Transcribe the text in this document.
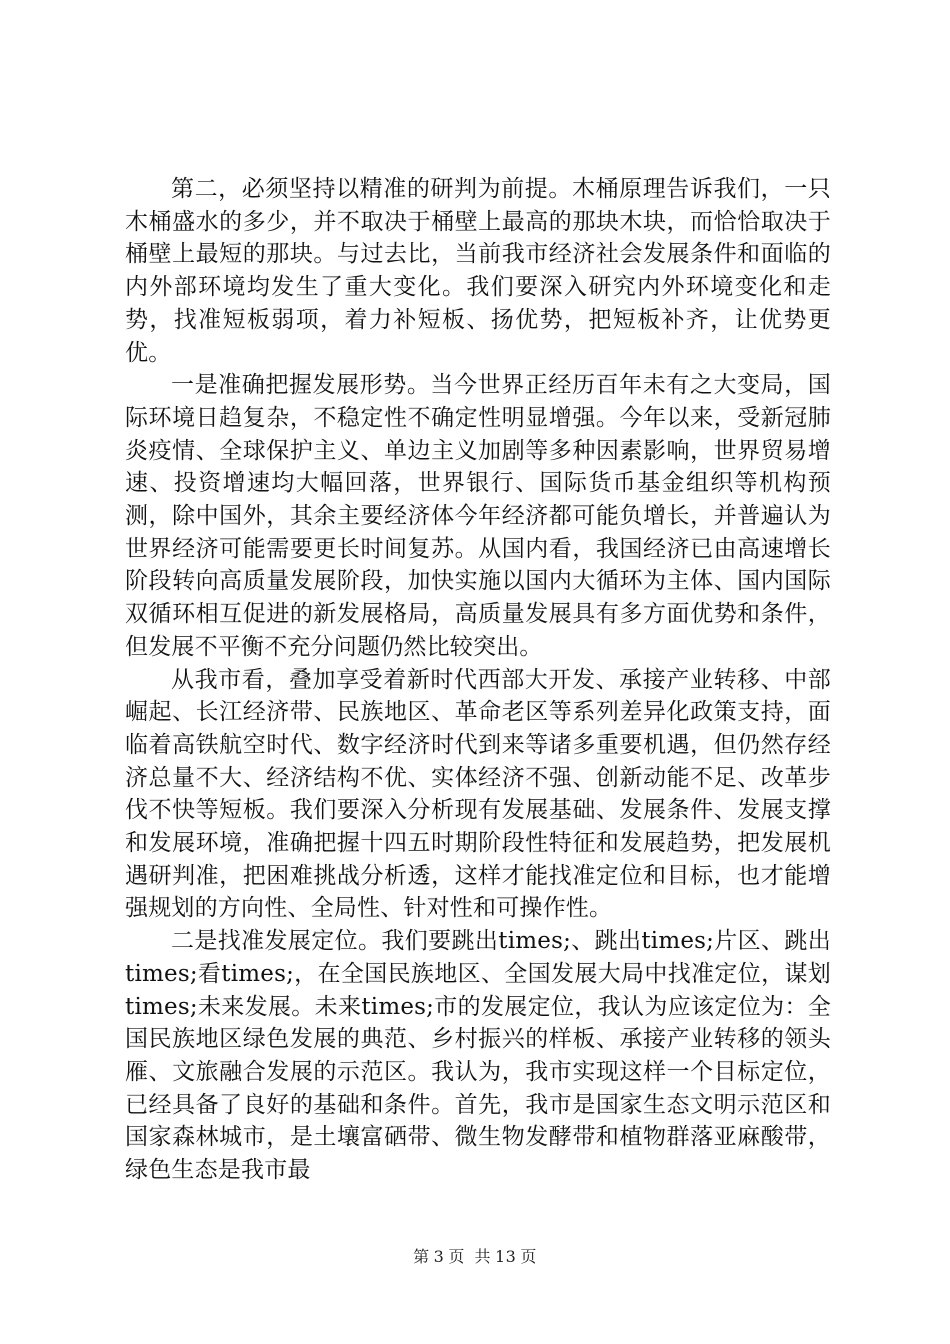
第二，必须坚持以精准的研判为前提。木桶原理告诉我们，一只木桶盛水的多少，并不取决于桶壁上最高的那块木块，而恰恰取决于桶壁上最短的那块。与过去比，当前我市经济社会发展条件和面临的内外部环境均发生了重大变化。我们要深入研究内外环境变化和走势，找准短板弱项，着力补短板、扬优势，把短板补齐，让优势更优。

一是准确把握发展形势。当今世界正经历百年未有之大变局，国际环境日趋复杂，不稳定性不确定性明显增强。今年以来，受新冠肺炎疫情、全球保护主义、单边主义加剧等多种因素影响，世界贸易增速、投资增速均大幅回落，世界银行、国际货币基金组织等机构预测，除中国外，其余主要经济体今年经济都可能负增长，并普遍认为世界经济可能需要更长时间复苏。从国内看，我国经济已由高速增长阶段转向高质量发展阶段，加快实施以国内大循环为主体、国内国际双循环相互促进的新发展格局，高质量发展具有多方面优势和条件，但发展不平衡不充分问题仍然比较突出。

从我市看，叠加享受着新时代西部大开发、承接产业转移、中部崛起、长江经济带、民族地区、革命老区等系列差异化政策支持，面临着高铁航空时代、数字经济时代到来等诸多重要机遇，但仍然存经济总量不大、经济结构不优、实体经济不强、创新动能不足、改革步伐不快等短板。我们要深入分析现有发展基础、发展条件、发展支撑和发展环境，准确把握十四五时期阶段性特征和发展趋势，把发展机遇研判准，把困难挑战分析透，这样才能找准定位和目标，也才能增强规划的方向性、全局性、针对性和可操作性。

二是找准发展定位。我们要跳出times;、跳出times;片区、跳出times;看times;，在全国民族地区、全国发展大局中找准定位，谋划times;未来发展。未来times;市的发展定位，我认为应该定位为：全国民族地区绿色发展的典范、乡村振兴的样板、承接产业转移的领头雁、文旅融合发展的示范区。我认为，我市实现这样一个目标定位，已经具备了良好的基础和条件。首先，我市是国家生态文明示范区和国家森林城市，是土壤富硒带、微生物发酵带和植物群落亚麻酸带，绿色生态是我市最

第 3 页 共 13 页
